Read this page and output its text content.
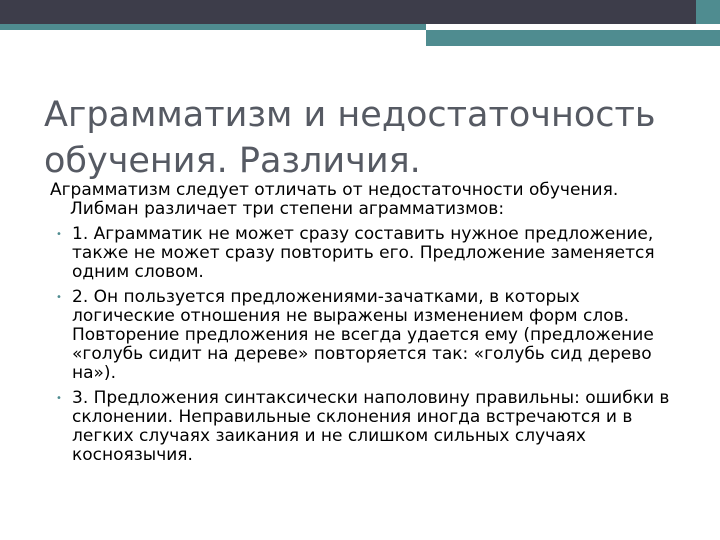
Аграмматизм и недостаточность обучения. Различия.

Аграмматизм следует отличать от недостаточности обучения. Либман различает три степени аграмматизмов:

• 1. Аграмматик не может сразу составить нужное предложение, также не может сразу повторить его. Предложение заменяется одним словом.
• 2. Он пользуется предложениями-зачатками, в которых логические отношения не выражены изменением форм слов. Повторение предложения не всегда удается ему (предложение «голубь сидит на дереве» повторяется так: «голубь сид дерево на»).
• 3. Предложения синтаксически наполовину правильны: ошибки в склонении. Неправильные склонения иногда встречаются и в легких случаях заикания и не слишком сильных случаях косноязычия.
